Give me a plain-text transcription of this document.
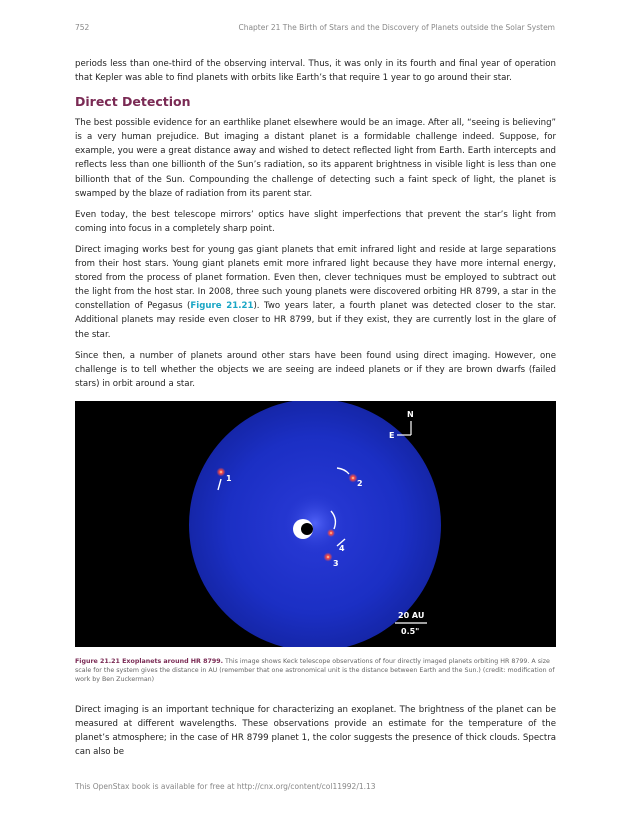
752	Chapter 21 The Birth of Stars and the Discovery of Planets outside the Solar System

periods less than one-third of the observing interval. Thus, it was only in its fourth and final year of operation that Kepler was able to find planets with orbits like Earth’s that require 1 year to go around their star.

Direct Detection

The best possible evidence for an earthlike planet elsewhere would be an image. After all, “seeing is believing” is a very human prejudice. But imaging a distant planet is a formidable challenge indeed. Suppose, for example, you were a great distance away and wished to detect reflected light from Earth. Earth intercepts and reflects less than one billionth of the Sun’s radiation, so its apparent brightness in visible light is less than one billionth that of the Sun. Compounding the challenge of detecting such a faint speck of light, the planet is swamped by the blaze of radiation from its parent star.

Even today, the best telescope mirrors’ optics have slight imperfections that prevent the star’s light from coming into focus in a completely sharp point.

Direct imaging works best for young gas giant planets that emit infrared light and reside at large separations from their host stars. Young giant planets emit more infrared light because they have more internal energy, stored from the process of planet formation. Even then, clever techniques must be employed to subtract out the light from the host star. In 2008, three such young planets were discovered orbiting HR 8799, a star in the constellation of Pegasus (Figure 21.21). Two years later, a fourth planet was detected closer to the star. Additional planets may reside even closer to HR 8799, but if they exist, they are currently lost in the glare of the star.

Since then, a number of planets around other stars have been found using direct imaging. However, one challenge is to tell whether the objects we are seeing are indeed planets or if they are brown dwarfs (failed stars) in orbit around a star.

N
E
1
2
3
4
20 AU
0.5"
Figure 21.21 Exoplanets around HR 8799. This image shows Keck telescope observations of four directly imaged planets orbiting HR 8799. A size scale for the system gives the distance in AU (remember that one astronomical unit is the distance between Earth and the Sun.) (credit: modification of work by Ben Zuckerman)

Direct imaging is an important technique for characterizing an exoplanet. The brightness of the planet can be measured at different wavelengths. These observations provide an estimate for the temperature of the planet’s atmosphere; in the case of HR 8799 planet 1, the color suggests the presence of thick clouds. Spectra can also be

This OpenStax book is available for free at http://cnx.org/content/col11992/1.13
